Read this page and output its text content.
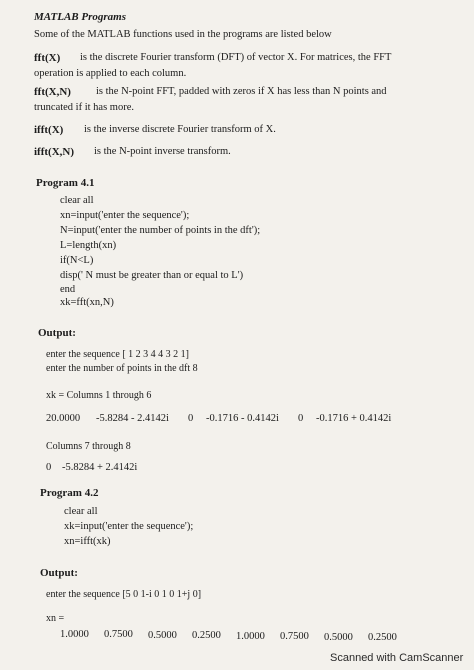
MATLAB Programs
Some of the MATLAB functions used in the programs are listed below
fft(X) is the discrete Fourier transform (DFT) of vector X. For matrices, the FFT
operation is applied to each column.
fft(X,N) is the N-point FFT, padded with zeros if X has less than N points and
truncated if it has more.
ifft(X) is the inverse discrete Fourier transform of X.
ifft(X,N) is the N-point inverse transform.
Program 4.1
clear all
xn=input('enter the sequence');
N=input('enter the number of points in the dft');
L=length(xn)
if(N<L)
disp(' N must be greater than or equal to L')
end
xk=fft(xn,N)
Output:
enter the sequence [ 1 2 3 4 4 3 2 1]
enter the number of points in the dft 8
xk = Columns 1 through 6
20.0000 -5.8284 - 2.4142i 0 -0.1716 - 0.4142i 0 -0.1716 + 0.4142i
Columns 7 through 8
0 -5.8284 + 2.4142i
Program 4.2
clear all
xk=input('enter the sequence');
xn=ifft(xk)
Output:
enter the sequence [5 0 1-i 0 1 0 1+j 0]
xn =
1.0000 0.7500 0.5000 0.2500 1.0000 0.7500 0.5000 0.2500
Scanned with CamScanner
